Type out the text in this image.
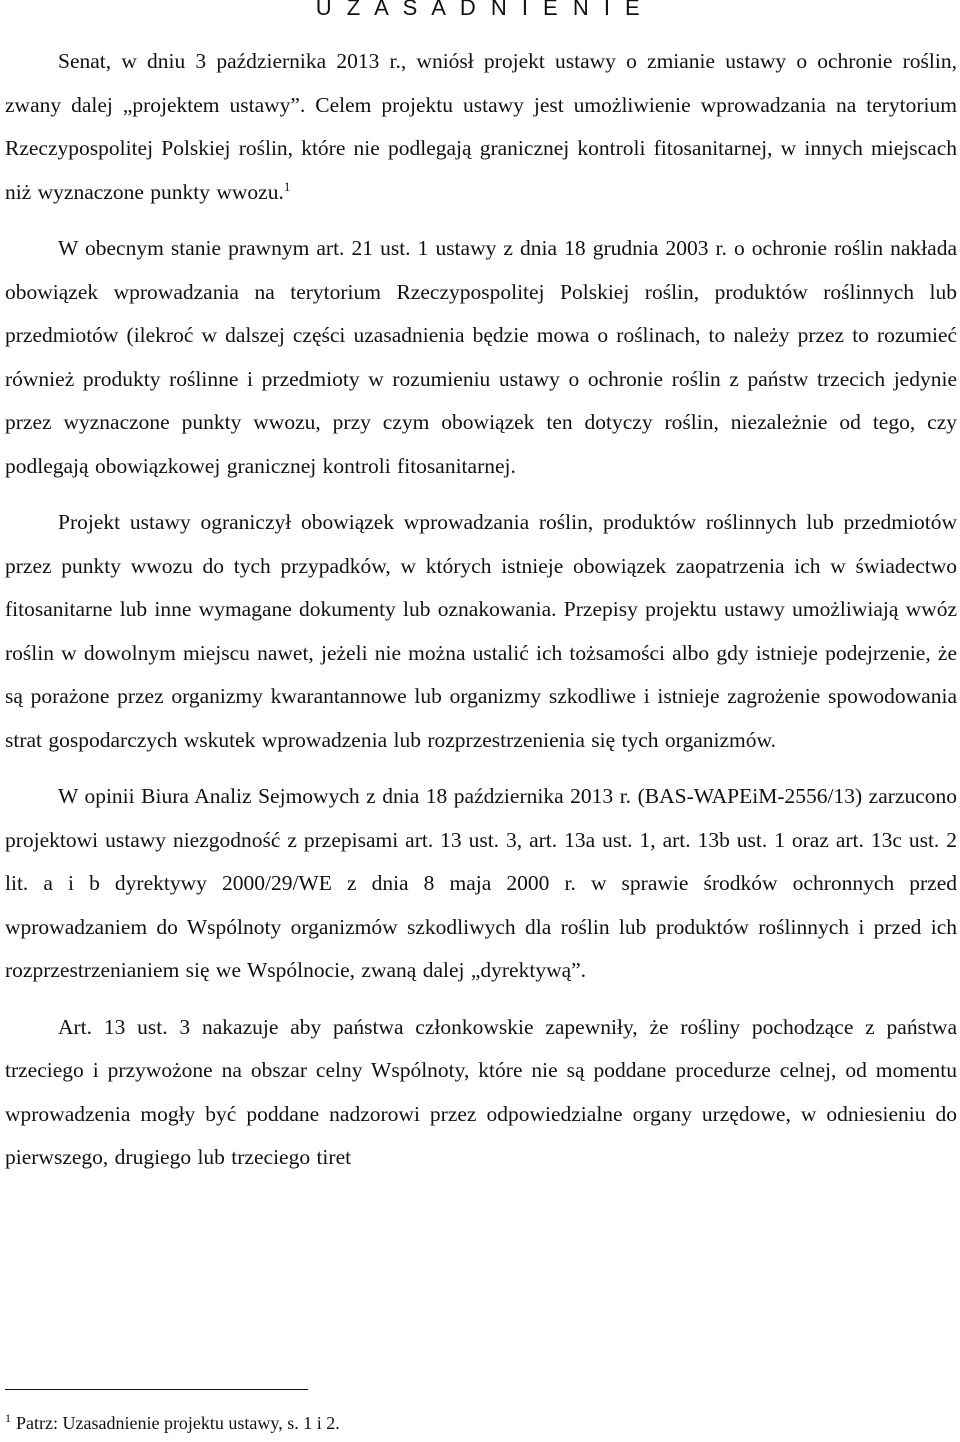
U Z A S A D N I E N I E

Senat, w dniu 3 października 2013 r., wniósł projekt ustawy o zmianie ustawy o ochronie roślin, zwany dalej „projektem ustawy”. Celem projektu ustawy jest umożliwienie wprowadzania na terytorium Rzeczypospolitej Polskiej roślin, które nie podlegają granicznej kontroli fitosanitarnej, w innych miejscach niż wyznaczone punkty wwozu.$^1$

W obecnym stanie prawnym art. 21 ust. 1 ustawy z dnia 18 grudnia 2003 r. o ochronie roślin nakłada obowiązek wprowadzania na terytorium Rzeczypospolitej Polskiej roślin, produktów roślinnych lub przedmiotów (ilekroć w dalszej części uzasadnienia będzie mowa o roślinach, to należy przez to rozumieć również produkty roślinne i przedmioty w rozumieniu ustawy o ochronie roślin z państw trzecich jedynie przez wyznaczone punkty wwozu, przy czym obowiązek ten dotyczy roślin, niezależnie od tego, czy podlegają obowiązkowej granicznej kontroli fitosanitarnej.

Projekt ustawy ograniczył obowiązek wprowadzania roślin, produktów roślinnych lub przedmiotów przez punkty wwozu do tych przypadków, w których istnieje obowiązek zaopatrzenia ich w świadectwo fitosanitarne lub inne wymagane dokumenty lub oznakowania. Przepisy projektu ustawy umożliwiają wwóz roślin w dowolnym miejscu nawet, jeżeli nie można ustalić ich tożsamości albo gdy istnieje podejrzenie, że są porażone przez organizmy kwarantannowe lub organizmy szkodliwe i istnieje zagrożenie spowodowania strat gospodarczych wskutek wprowadzenia lub rozprzestrzenienia się tych organizmów.

W opinii Biura Analiz Sejmowych z dnia 18 października 2013 r. (BAS-WAPEiM-2556/13) zarzucono projektowi ustawy niezgodność z przepisami art. 13 ust. 3, art. 13a ust. 1, art. 13b ust. 1 oraz art. 13c ust. 2 lit. a i b dyrektywy 2000/29/WE z dnia 8 maja 2000 r. w sprawie środków ochronnych przed wprowadzaniem do Wspólnoty organizmów szkodliwych dla roślin lub produktów roślinnych i przed ich rozprzestrzenianiem się we Wspólnocie, zwaną dalej „dyrektywą”.

Art. 13 ust. 3 nakazuje aby państwa członkowskie zapewniły, że rośliny pochodzące z państwa trzeciego i przywożone na obszar celny Wspólnoty, które nie są poddane procedurze celnej, od momentu wprowadzenia mogły być poddane nadzorowi przez odpowiedzialne organy urzędowe, w odniesieniu do pierwszego, drugiego lub trzeciego tiret

$^1$ Patrz: Uzasadnienie projektu ustawy, s. 1 i 2.
